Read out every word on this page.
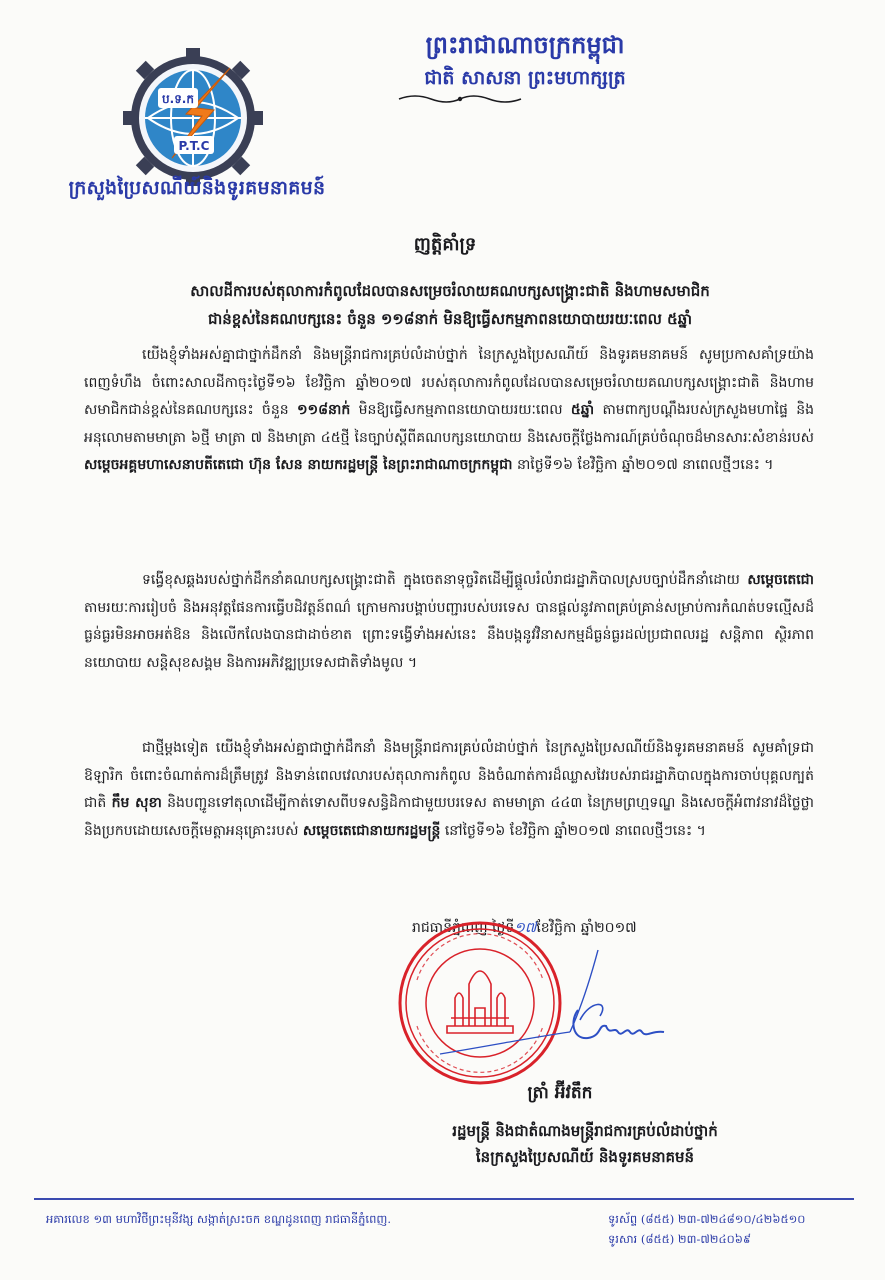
ប.ទ.ក
P.T.C
ក្រសួងប្រៃសណីយ៍និងទូរគមនាគមន៍
ព្រះរាជាណាចក្រកម្ពុជា
ជាតិ សាសនា ព្រះមហាក្សត្រ
ញត្តិគាំទ្រ
សាលដីការបស់តុលាការកំពូលដែលបានសម្រេចរំលាយគណបក្សសង្គ្រោះជាតិ និងហាមសមាជិក
ជាន់ខ្ពស់នៃគណបក្សនេះ ចំនួន ១១៨នាក់ មិនឱ្យធ្វើសកម្មភាពនយោបាយរយៈពេល ៥ឆ្នាំ

យើងខ្ញុំទាំងអស់គ្នាជាថ្នាក់ដឹកនាំ និងមន្ត្រីរាជការគ្រប់លំដាប់ថ្នាក់ នៃក្រសួងប្រៃសណីយ៍ និងទូរគមនាគមន៍ សូមប្រកាសគាំទ្រយ៉ាងពេញទំហឹង ចំពោះសាលដីកាចុះថ្ងៃទី១៦ ខែវិច្ឆិកា ឆ្នាំ២០១៧ របស់តុលាការកំពូលដែលបានសម្រេចរំលាយគណបក្សសង្គ្រោះជាតិ និងហាមសមាជិកជាន់ខ្ពស់នៃគណបក្សនេះ ចំនួន ១១៨នាក់ មិនឱ្យធ្វើសកម្មភាពនយោបាយរយៈពេល ៥ឆ្នាំ តាមពាក្យបណ្តឹងរបស់ក្រសួងមហាផ្ទៃ និងអនុលោមតាមមាត្រា ៦ថ្មី មាត្រា ៧ និងមាត្រា ៤៥ថ្មី នៃច្បាប់ស្តីពីគណបក្សនយោបាយ និងសេចក្តីថ្លែងការណ៍គ្រប់ចំណុចដ៏មានសារៈសំខាន់របស់ សម្តេចអគ្គមហាសេនាបតីតេជោ ហ៊ុន សែន នាយករដ្ឋមន្ត្រី នៃព្រះរាជាណាចក្រកម្ពុជា នាថ្ងៃទី១៦ ខែវិច្ឆិកា ឆ្នាំ២០១៧ នាពេលថ្មីៗនេះ ។

ទង្វើខុសឆ្គងរបស់ថ្នាក់ដឹកនាំគណបក្សសង្គ្រោះជាតិ ក្នុងចេតនាទុច្ចរិតដើម្បីផ្តួលរំលំរាជរដ្ឋាភិបាលស្របច្បាប់ដឹកនាំដោយ សម្តេចតេជោ តាមរយៈការរៀបចំ និងអនុវត្តផែនការធ្វើបដិវត្តន៍ពណ៌ ក្រោមការបង្គាប់បញ្ជារបស់បរទេស បានផ្តល់នូវភាពគ្រប់គ្រាន់សម្រាប់ការកំណត់បទល្មើសដ៏ធ្ងន់ធ្ងរមិនអាចអត់ឱន និងលើកលែងបានជាដាច់ខាត ព្រោះទង្វើទាំងអស់នេះ នឹងបង្កនូវវិនាសកម្មដ៏ធ្ងន់ធ្ងរដល់ប្រជាពលរដ្ឋ សន្តិភាព ស្ថិរភាពនយោបាយ សន្តិសុខសង្គម និងការអភិវឌ្ឍប្រទេសជាតិទាំងមូល ។

ជាថ្មីម្តងទៀត យើងខ្ញុំទាំងអស់គ្នាជាថ្នាក់ដឹកនាំ និងមន្ត្រីរាជការគ្រប់លំដាប់ថ្នាក់ នៃក្រសួងប្រៃសណីយ៍និងទូរគមនាគមន៍ សូមគាំទ្រជាឱឡារិក ចំពោះចំណាត់ការដ៏ត្រឹមត្រូវ និងទាន់ពេលវេលារបស់តុលាការកំពូល និងចំណាត់ការដ៏ឈ្លាសវៃរបស់រាជរដ្ឋាភិបាលក្នុងការចាប់បុគ្គលក្បត់ជាតិ កឹម សុខា និងបញ្ជូនទៅតុលាដើម្បីកាត់ទោសពីបទសន្ធិដិកាជាមួយបរទេស តាមមាត្រា ៤៤៣ នៃក្រមព្រហ្មទណ្ឌ និងសេចក្តីអំពាវនាវដ៏ថ្លៃថ្លា និងប្រកបដោយសេចក្តីមេត្តាអនុគ្រោះរបស់ សម្តេចតេជោនាយករដ្ឋមន្ត្រី នៅថ្ងៃទី១៦ ខែវិច្ឆិកា ឆ្នាំ២០១៧ នាពេលថ្មីៗនេះ ។

រាជធានីភ្នំពេញ ថ្ងៃទី១៧ខែវិច្ឆិកា ឆ្នាំ២០១៧
ត្រាំ អ៊ីវតឹក
រដ្ឋមន្ត្រី និងជាតំណាងមន្ត្រីរាជការគ្រប់លំដាប់ថ្នាក់
នៃក្រសួងប្រៃសណីយ៍ និងទូរគមនាគមន៍
អគារលេខ ១៣ មហាវិថីព្រះមុនីវង្ស សង្កាត់ស្រះចក ខណ្ឌដូនពេញ រាជធានីភ្នំពេញ.	ទូរស័ព្ទ (៨៥៥) ២៣-៧២៤៨១០/៤២៦៥១០
ទូរសារ (៨៥៥) ២៣-៧២៤០៦៩
